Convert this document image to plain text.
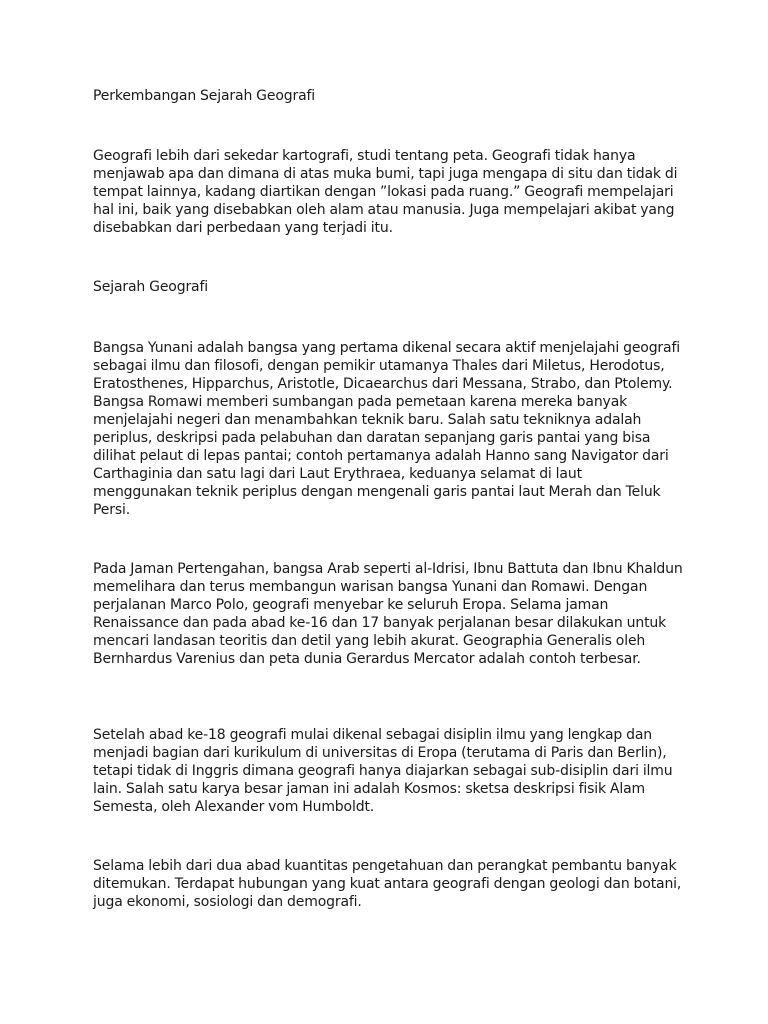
Perkembangan Sejarah Geografi

Geografi lebih dari sekedar kartografi, studi tentang peta. Geografi tidak hanya menjawab apa dan dimana di atas muka bumi, tapi juga mengapa di situ dan tidak di tempat lainnya, kadang diartikan dengan ”lokasi pada ruang.” Geografi mempelajari hal ini, baik yang disebabkan oleh alam atau manusia. Juga mempelajari akibat yang disebabkan dari perbedaan yang terjadi itu.

Sejarah Geografi

Bangsa Yunani adalah bangsa yang pertama dikenal secara aktif menjelajahi geografi sebagai ilmu dan filosofi, dengan pemikir utamanya Thales dari Miletus, Herodotus, Eratosthenes, Hipparchus, Aristotle, Dicaearchus dari Messana, Strabo, dan Ptolemy. Bangsa Romawi memberi sumbangan pada pemetaan karena mereka banyak menjelajahi negeri dan menambahkan teknik baru. Salah satu tekniknya adalah periplus, deskripsi pada pelabuhan dan daratan sepanjang garis pantai yang bisa dilihat pelaut di lepas pantai; contoh pertamanya adalah Hanno sang Navigator dari Carthaginia dan satu lagi dari Laut Erythraea, keduanya selamat di laut menggunakan teknik periplus dengan mengenali garis pantai laut Merah dan Teluk Persi.

Pada Jaman Pertengahan, bangsa Arab seperti al-Idrisi, Ibnu Battuta dan Ibnu Khaldun memelihara dan terus membangun warisan bangsa Yunani dan Romawi. Dengan perjalanan Marco Polo, geografi menyebar ke seluruh Eropa. Selama jaman Renaissance dan pada abad ke-16 dan 17 banyak perjalanan besar dilakukan untuk mencari landasan teoritis dan detil yang lebih akurat. Geographia Generalis oleh Bernhardus Varenius dan peta dunia Gerardus Mercator adalah contoh terbesar.

Setelah abad ke-18 geografi mulai dikenal sebagai disiplin ilmu yang lengkap dan menjadi bagian dari kurikulum di universitas di Eropa (terutama di Paris dan Berlin), tetapi tidak di Inggris dimana geografi hanya diajarkan sebagai sub-disiplin dari ilmu lain. Salah satu karya besar jaman ini adalah Kosmos: sketsa deskripsi fisik Alam Semesta, oleh Alexander vom Humboldt.

Selama lebih dari dua abad kuantitas pengetahuan dan perangkat pembantu banyak ditemukan. Terdapat hubungan yang kuat antara geografi dengan geologi dan botani, juga ekonomi, sosiologi dan demografi.
